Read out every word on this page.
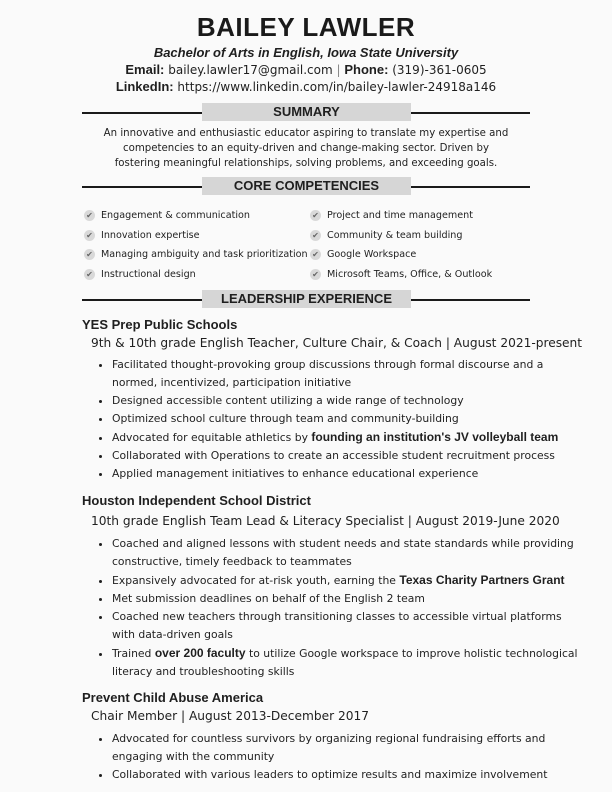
BAILEY LAWLER
Bachelor of Arts in English, Iowa State University
Email: bailey.lawler17@gmail.com | Phone: (319)-361-0605
LinkedIn: https://www.linkedin.com/in/bailey-lawler-24918a146
SUMMARY
An innovative and enthusiastic educator aspiring to translate my expertise and competencies to an equity-driven and change-making sector. Driven by fostering meaningful relationships, solving problems, and exceeding goals.
CORE COMPETENCIES
✔ Engagement & communication
✔ Innovation expertise
✔ Managing ambiguity and task prioritization
✔ Instructional design
✔ Project and time management
✔ Community & team building
✔ Google Workspace
✔ Microsoft Teams, Office, & Outlook
LEADERSHIP EXPERIENCE
YES Prep Public Schools
9th & 10th grade English Teacher, Culture Chair, & Coach | August 2021-present
• Facilitated thought-provoking group discussions through formal discourse and a normed, incentivized, participation initiative
• Designed accessible content utilizing a wide range of technology
• Optimized school culture through team and community-building
• Advocated for equitable athletics by founding an institution's JV volleyball team
• Collaborated with Operations to create an accessible student recruitment process
• Applied management initiatives to enhance educational experience
Houston Independent School District
10th grade English Team Lead & Literacy Specialist | August 2019-June 2020
• Coached and aligned lessons with student needs and state standards while providing constructive, timely feedback to teammates
• Expansively advocated for at-risk youth, earning the Texas Charity Partners Grant
• Met submission deadlines on behalf of the English 2 team
• Coached new teachers through transitioning classes to accessible virtual platforms with data-driven goals
• Trained over 200 faculty to utilize Google workspace to improve holistic technological literacy and troubleshooting skills
Prevent Child Abuse America
Chair Member | August 2013-December 2017
• Advocated for countless survivors by organizing regional fundraising efforts and engaging with the community
• Collaborated with various leaders to optimize results and maximize involvement
